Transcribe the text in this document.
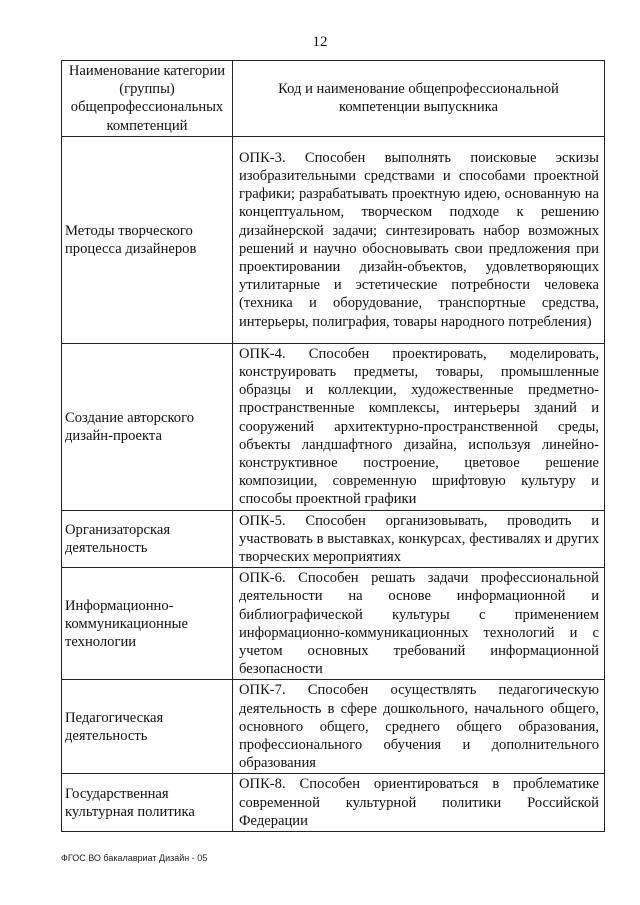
12
Наименование категории (группы) общепрофессиональных компетенций	Код и наименование общепрофессиональной компетенции выпускника
Методы творческого процесса дизайнеров	ОПК-3. Способен выполнять поисковые эскизы изобразительными средствами и способами проектной графики; разрабатывать проектную идею, основанную на концептуальном, творческом подходе к решению дизайнерской задачи; синтезировать набор возможных решений и научно обосновывать свои предложения при проектировании дизайн-объектов, удовлетворяющих утилитарные и эстетические потребности человека (техника и оборудование, транспортные средства, интерьеры, полиграфия, товары народного потребления)
Создание авторского дизайн-проекта	ОПК-4. Способен проектировать, моделировать, конструировать предметы, товары, промышленные образцы и коллекции, художественные предметно-пространственные комплексы, интерьеры зданий и сооружений архитектурно-пространственной среды, объекты ландшафтного дизайна, используя линейно-конструктивное построение, цветовое решение композиции, современную шрифтовую культуру и способы проектной графики
Организаторская деятельность	ОПК-5. Способен организовывать, проводить и участвовать в выставках, конкурсах, фестивалях и других творческих мероприятиях
Информационно-коммуникационные технологии	ОПК-6. Способен решать задачи профессиональной деятельности на основе информационной и библиографической культуры с применением информационно-коммуникационных технологий и с учетом основных требований информационной безопасности
Педагогическая деятельность	ОПК-7. Способен осуществлять педагогическую деятельность в сфере дошкольного, начального общего, основного общего, среднего общего образования, профессионального обучения и дополнительного образования
Государственная культурная политика	ОПК-8. Способен ориентироваться в проблематике современной культурной политики Российской Федерации
ФГОС ВО бакалавриат Дизайн - 05
